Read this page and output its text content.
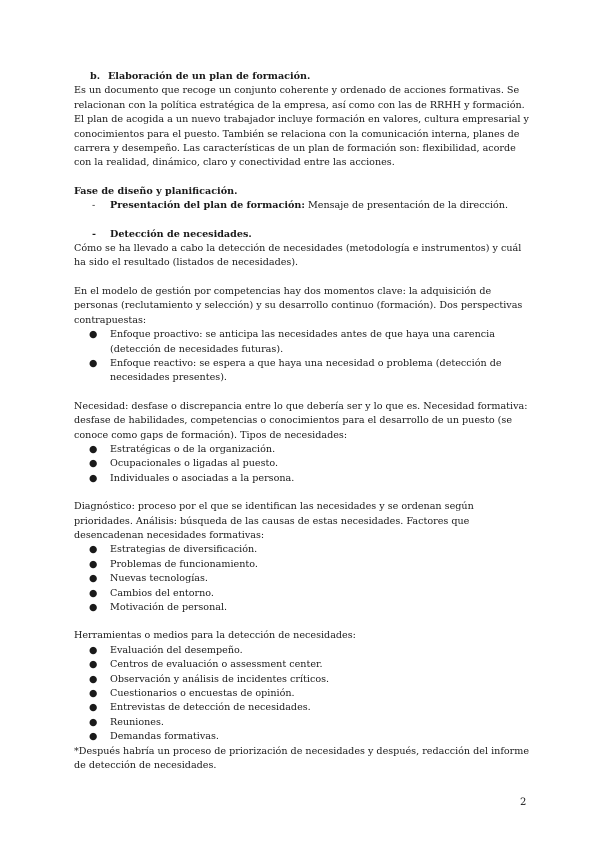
b. Elaboración de un plan de formación.

Es un documento que recoge un conjunto coherente y ordenado de acciones formativas. Se relacionan con la política estratégica de la empresa, así como con las de RRHH y formación. El plan de acogida a un nuevo trabajador incluye formación en valores, cultura empresarial y conocimientos para el puesto. También se relaciona con la comunicación interna, planes de carrera y desempeño. Las características de un plan de formación son: flexibilidad, acorde con la realidad, dinámico, claro y conectividad entre las acciones.

Fase de diseño y planificación.

- Presentación del plan de formación: Mensaje de presentación de la dirección.

- Detección de necesidades.

Cómo se ha llevado a cabo la detección de necesidades (metodología e instrumentos) y cuál ha sido el resultado (listados de necesidades).

En el modelo de gestión por competencias hay dos momentos clave: la adquisición de personas (reclutamiento y selección) y su desarrollo continuo (formación). Dos perspectivas contrapuestas:

● Enfoque proactivo: se anticipa las necesidades antes de que haya una carencia (detección de necesidades futuras).
● Enfoque reactivo: se espera a que haya una necesidad o problema (detección de necesidades presentes).

Necesidad: desfase o discrepancia entre lo que debería ser y lo que es. Necesidad formativa: desfase de habilidades, competencias o conocimientos para el desarrollo de un puesto (se conoce como gaps de formación). Tipos de necesidades:

● Estratégicas o de la organización.
● Ocupacionales o ligadas al puesto.
● Individuales o asociadas a la persona.

Diagnóstico: proceso por el que se identifican las necesidades y se ordenan según prioridades. Análisis: búsqueda de las causas de estas necesidades. Factores que desencadenan necesidades formativas:

● Estrategias de diversificación.
● Problemas de funcionamiento.
● Nuevas tecnologías.
● Cambios del entorno.
● Motivación de personal.

Herramientas o medios para la detección de necesidades:

● Evaluación del desempeño.
● Centros de evaluación o assessment center.
● Observación y análisis de incidentes críticos.
● Cuestionarios o encuestas de opinión.
● Entrevistas de detección de necesidades.
● Reuniones.
● Demandas formativas.

*Después habría un proceso de priorización de necesidades y después, redacción del informe de detección de necesidades.

2
